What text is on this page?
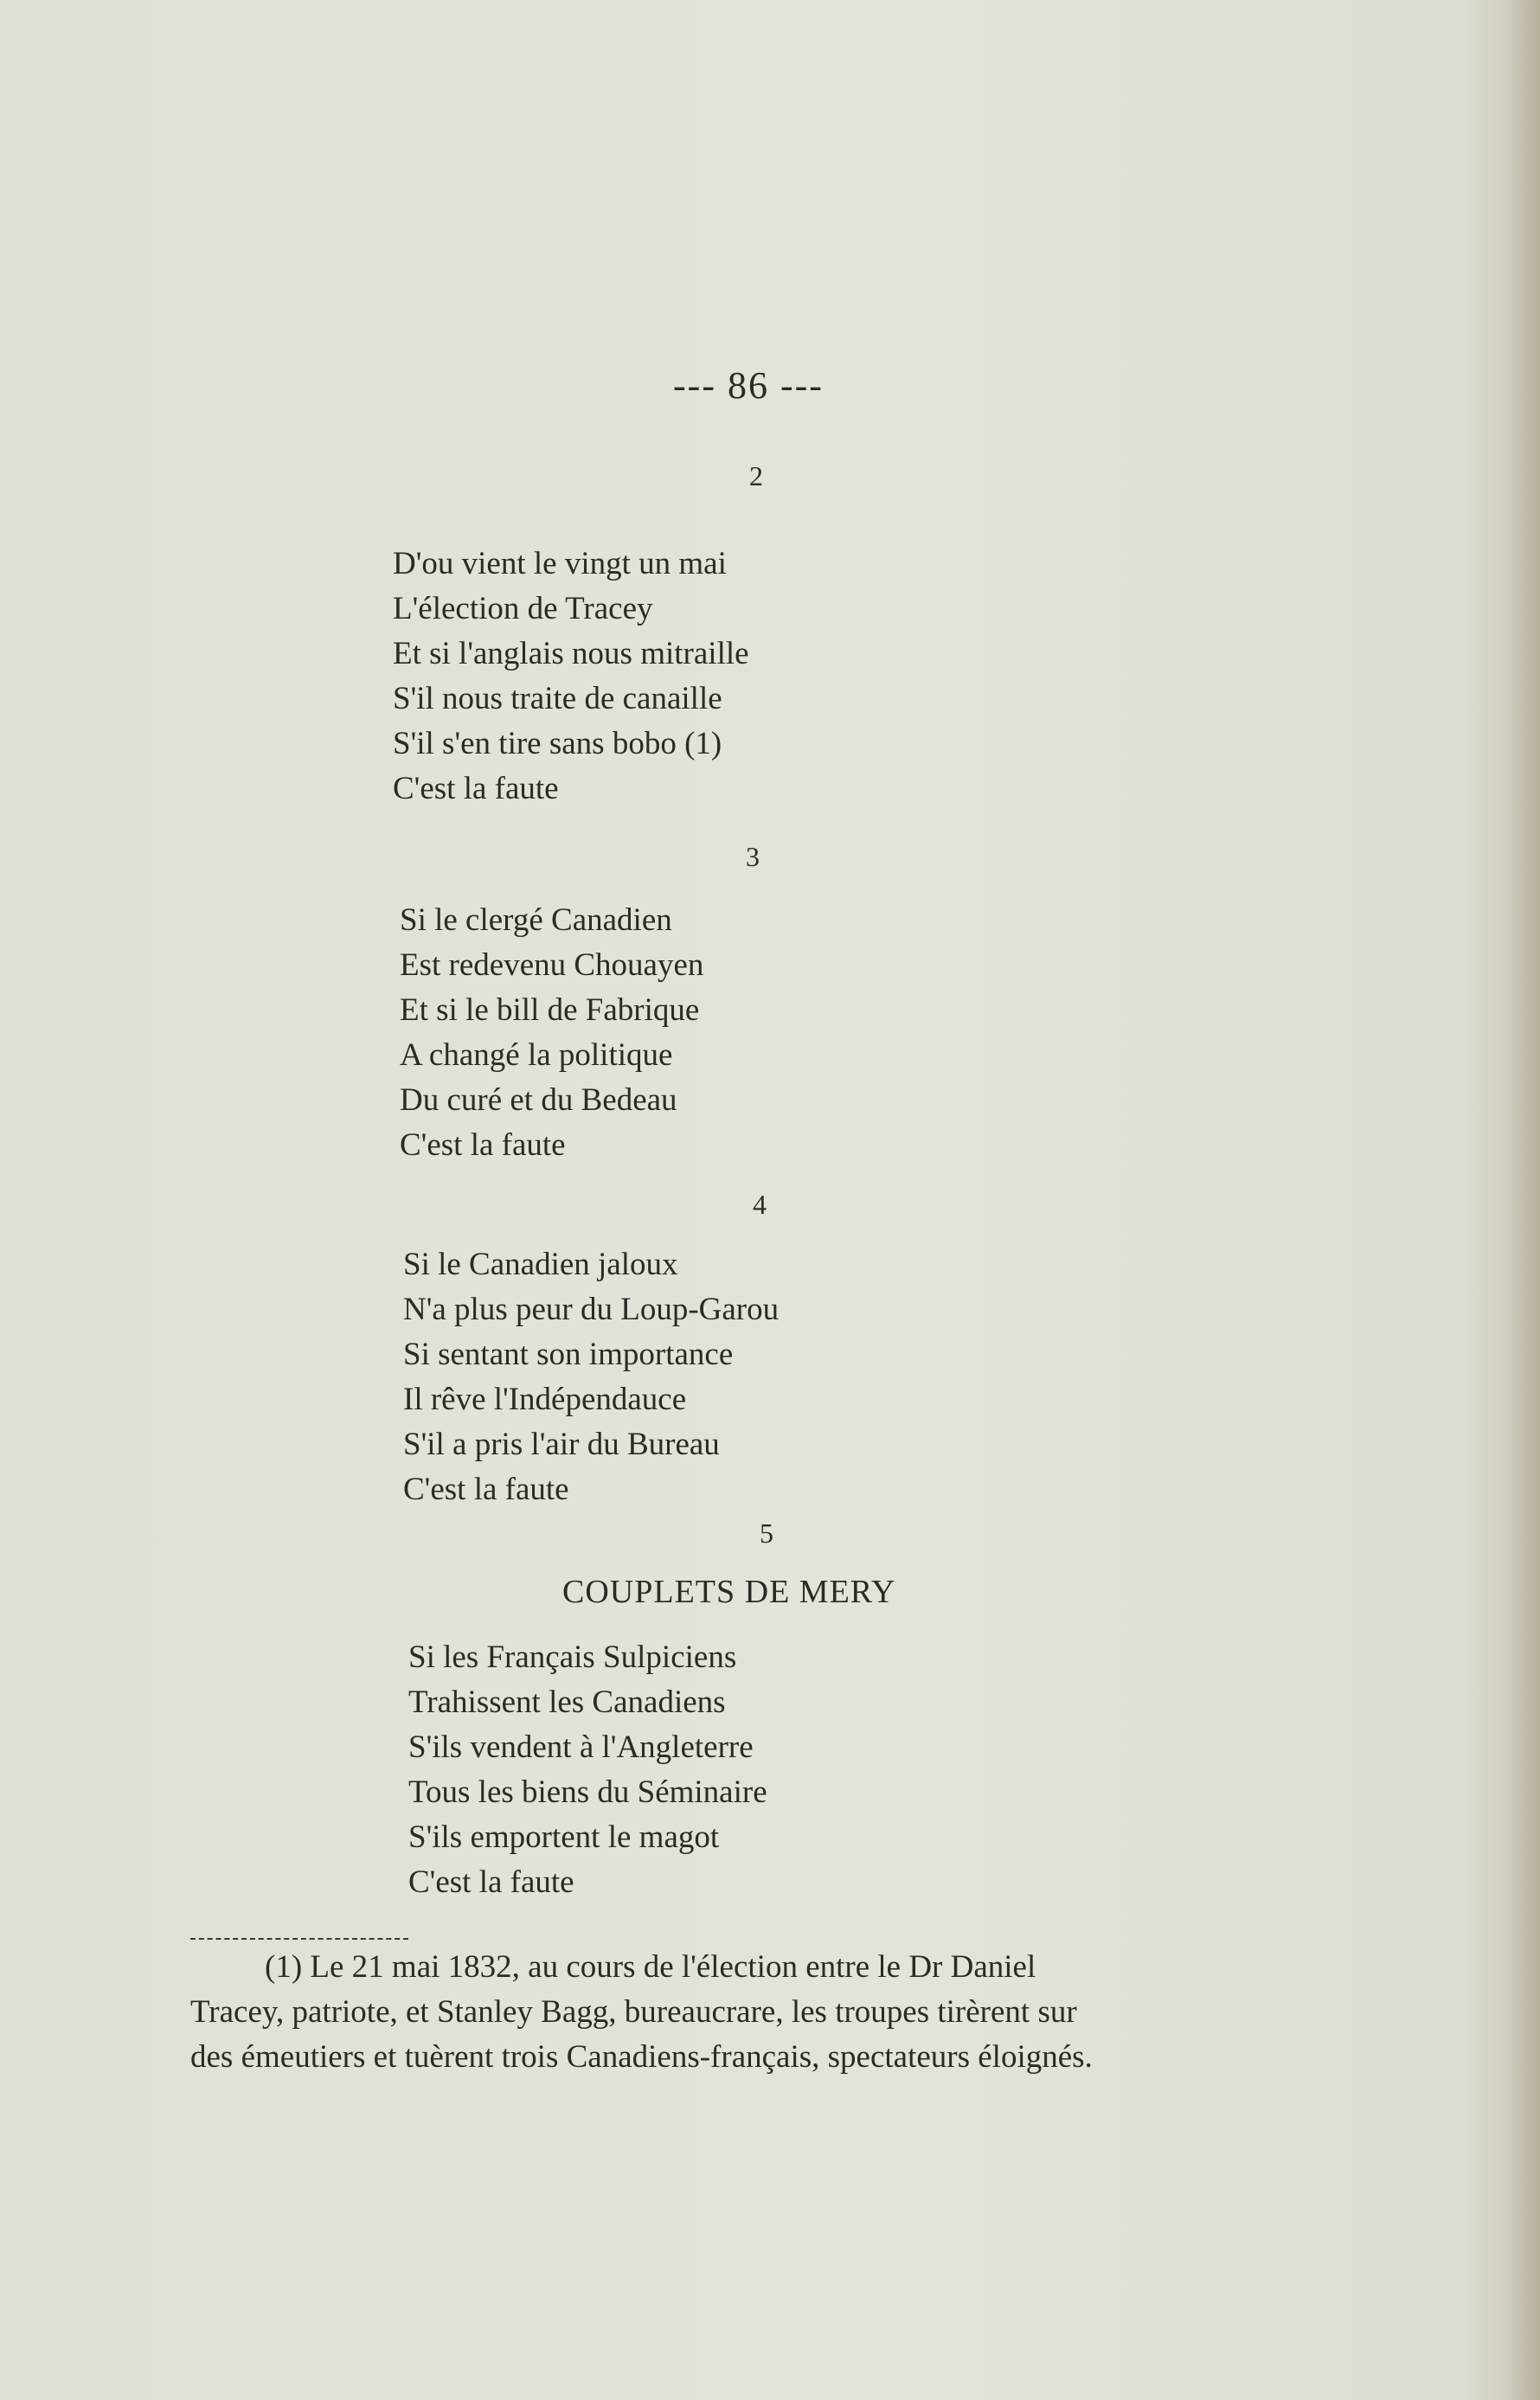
--- 86 ---
2
D'ou vient le vingt un mai
L'élection de Tracey
Et si l'anglais nous mitraille
S'il nous traite de canaille
S'il s'en tire sans bobo (1)
C'est la faute
3
Si le clergé Canadien
Est redevenu Chouayen
Et si le bill de Fabrique
A changé la politique
Du curé et du Bedeau
C'est la faute
4
Si le Canadien jaloux
N'a plus peur du Loup-Garou
Si sentant son importance
Il rêve l'Indépendauce
S'il a pris l'air du Bureau
C'est la faute
5
COUPLETS DE MERY
Si les Français Sulpiciens
Trahissent les Canadiens
S'ils vendent à l'Angleterre
Tous les biens du Séminaire
S'ils emportent le magot
C'est la faute
(1) Le 21 mai 1832, au cours de l'élection entre le Dr Daniel
Tracey, patriote, et Stanley Bagg, bureaucrare, les troupes tirèrent sur
des émeutiers et tuèrent trois Canadiens-français, spectateurs éloignés.
